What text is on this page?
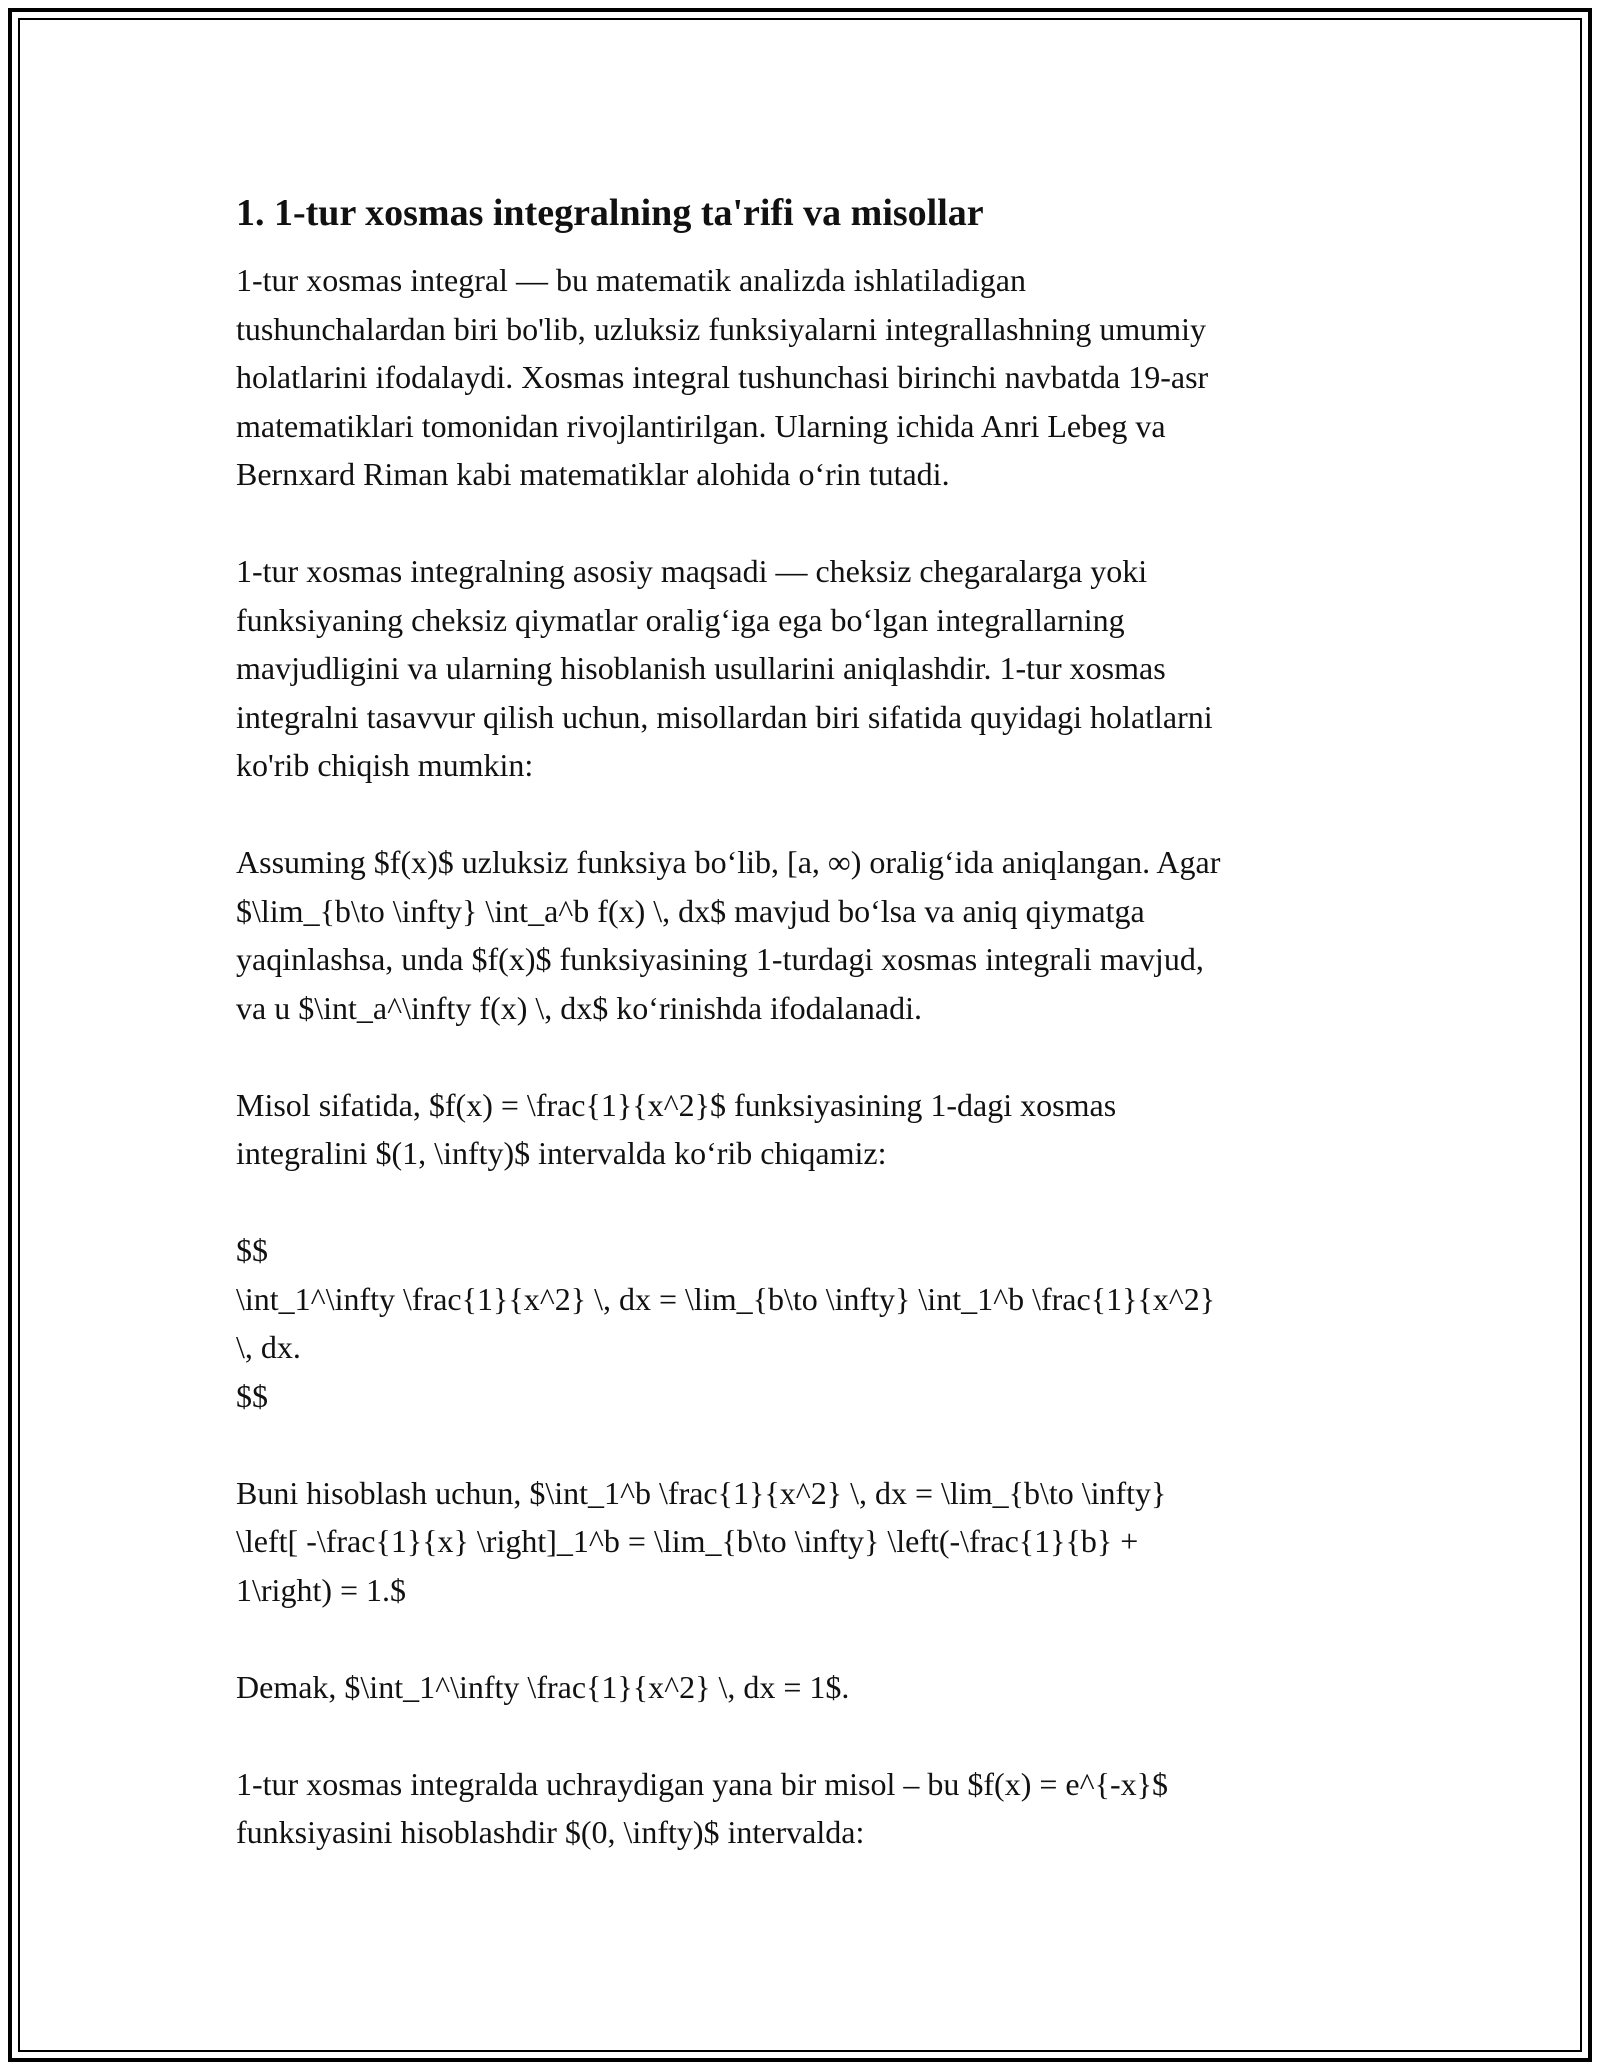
1. 1-tur xosmas integralning ta'rifi va misollar

1-tur xosmas integral — bu matematik analizda ishlatiladigan
tushunchalardan biri bo'lib, uzluksiz funksiyalarni integrallashning umumiy
holatlarini ifodalaydi. Xosmas integral tushunchasi birinchi navbatda 19-asr
matematiklari tomonidan rivojlantirilgan. Ularning ichida Anri Lebeg va
Bernxard Riman kabi matematiklar alohida oʻrin tutadi.

1-tur xosmas integralning asosiy maqsadi — cheksiz chegaralarga yoki
funksiyaning cheksiz qiymatlar oraligʻiga ega boʻlgan integrallarning
mavjudligini va ularning hisoblanish usullarini aniqlashdir. 1-tur xosmas
integralni tasavvur qilish uchun, misollardan biri sifatida quyidagi holatlarni
ko'rib chiqish mumkin:

Assuming $f(x)$ uzluksiz funksiya boʻlib, [a, ∞) oraligʻida aniqlangan. Agar
$\lim_{b\to \infty} \int_a^b f(x) \, dx$ mavjud boʻlsa va aniq qiymatga
yaqinlashsa, unda $f(x)$ funksiyasining 1-turdagi xosmas integrali mavjud,
va u $\int_a^\infty f(x) \, dx$ koʻrinishda ifodalanadi.

Misol sifatida, $f(x) = \frac{1}{x^2}$ funksiyasining 1-dagi xosmas
integralini $(1, \infty)$ intervalda koʻrib chiqamiz:

$$
\int_1^\infty \frac{1}{x^2} \, dx = \lim_{b\to \infty} \int_1^b \frac{1}{x^2}
\, dx.
$$

Buni hisoblash uchun, $\int_1^b \frac{1}{x^2} \, dx = \lim_{b\to \infty}
\left[ -\frac{1}{x} \right]_1^b = \lim_{b\to \infty} \left(-\frac{1}{b} +
1\right) = 1.$

Demak, $\int_1^\infty \frac{1}{x^2} \, dx = 1$.

1-tur xosmas integralda uchraydigan yana bir misol – bu $f(x) = e^{-x}$
funksiyasini hisoblashdir $(0, \infty)$ intervalda:
